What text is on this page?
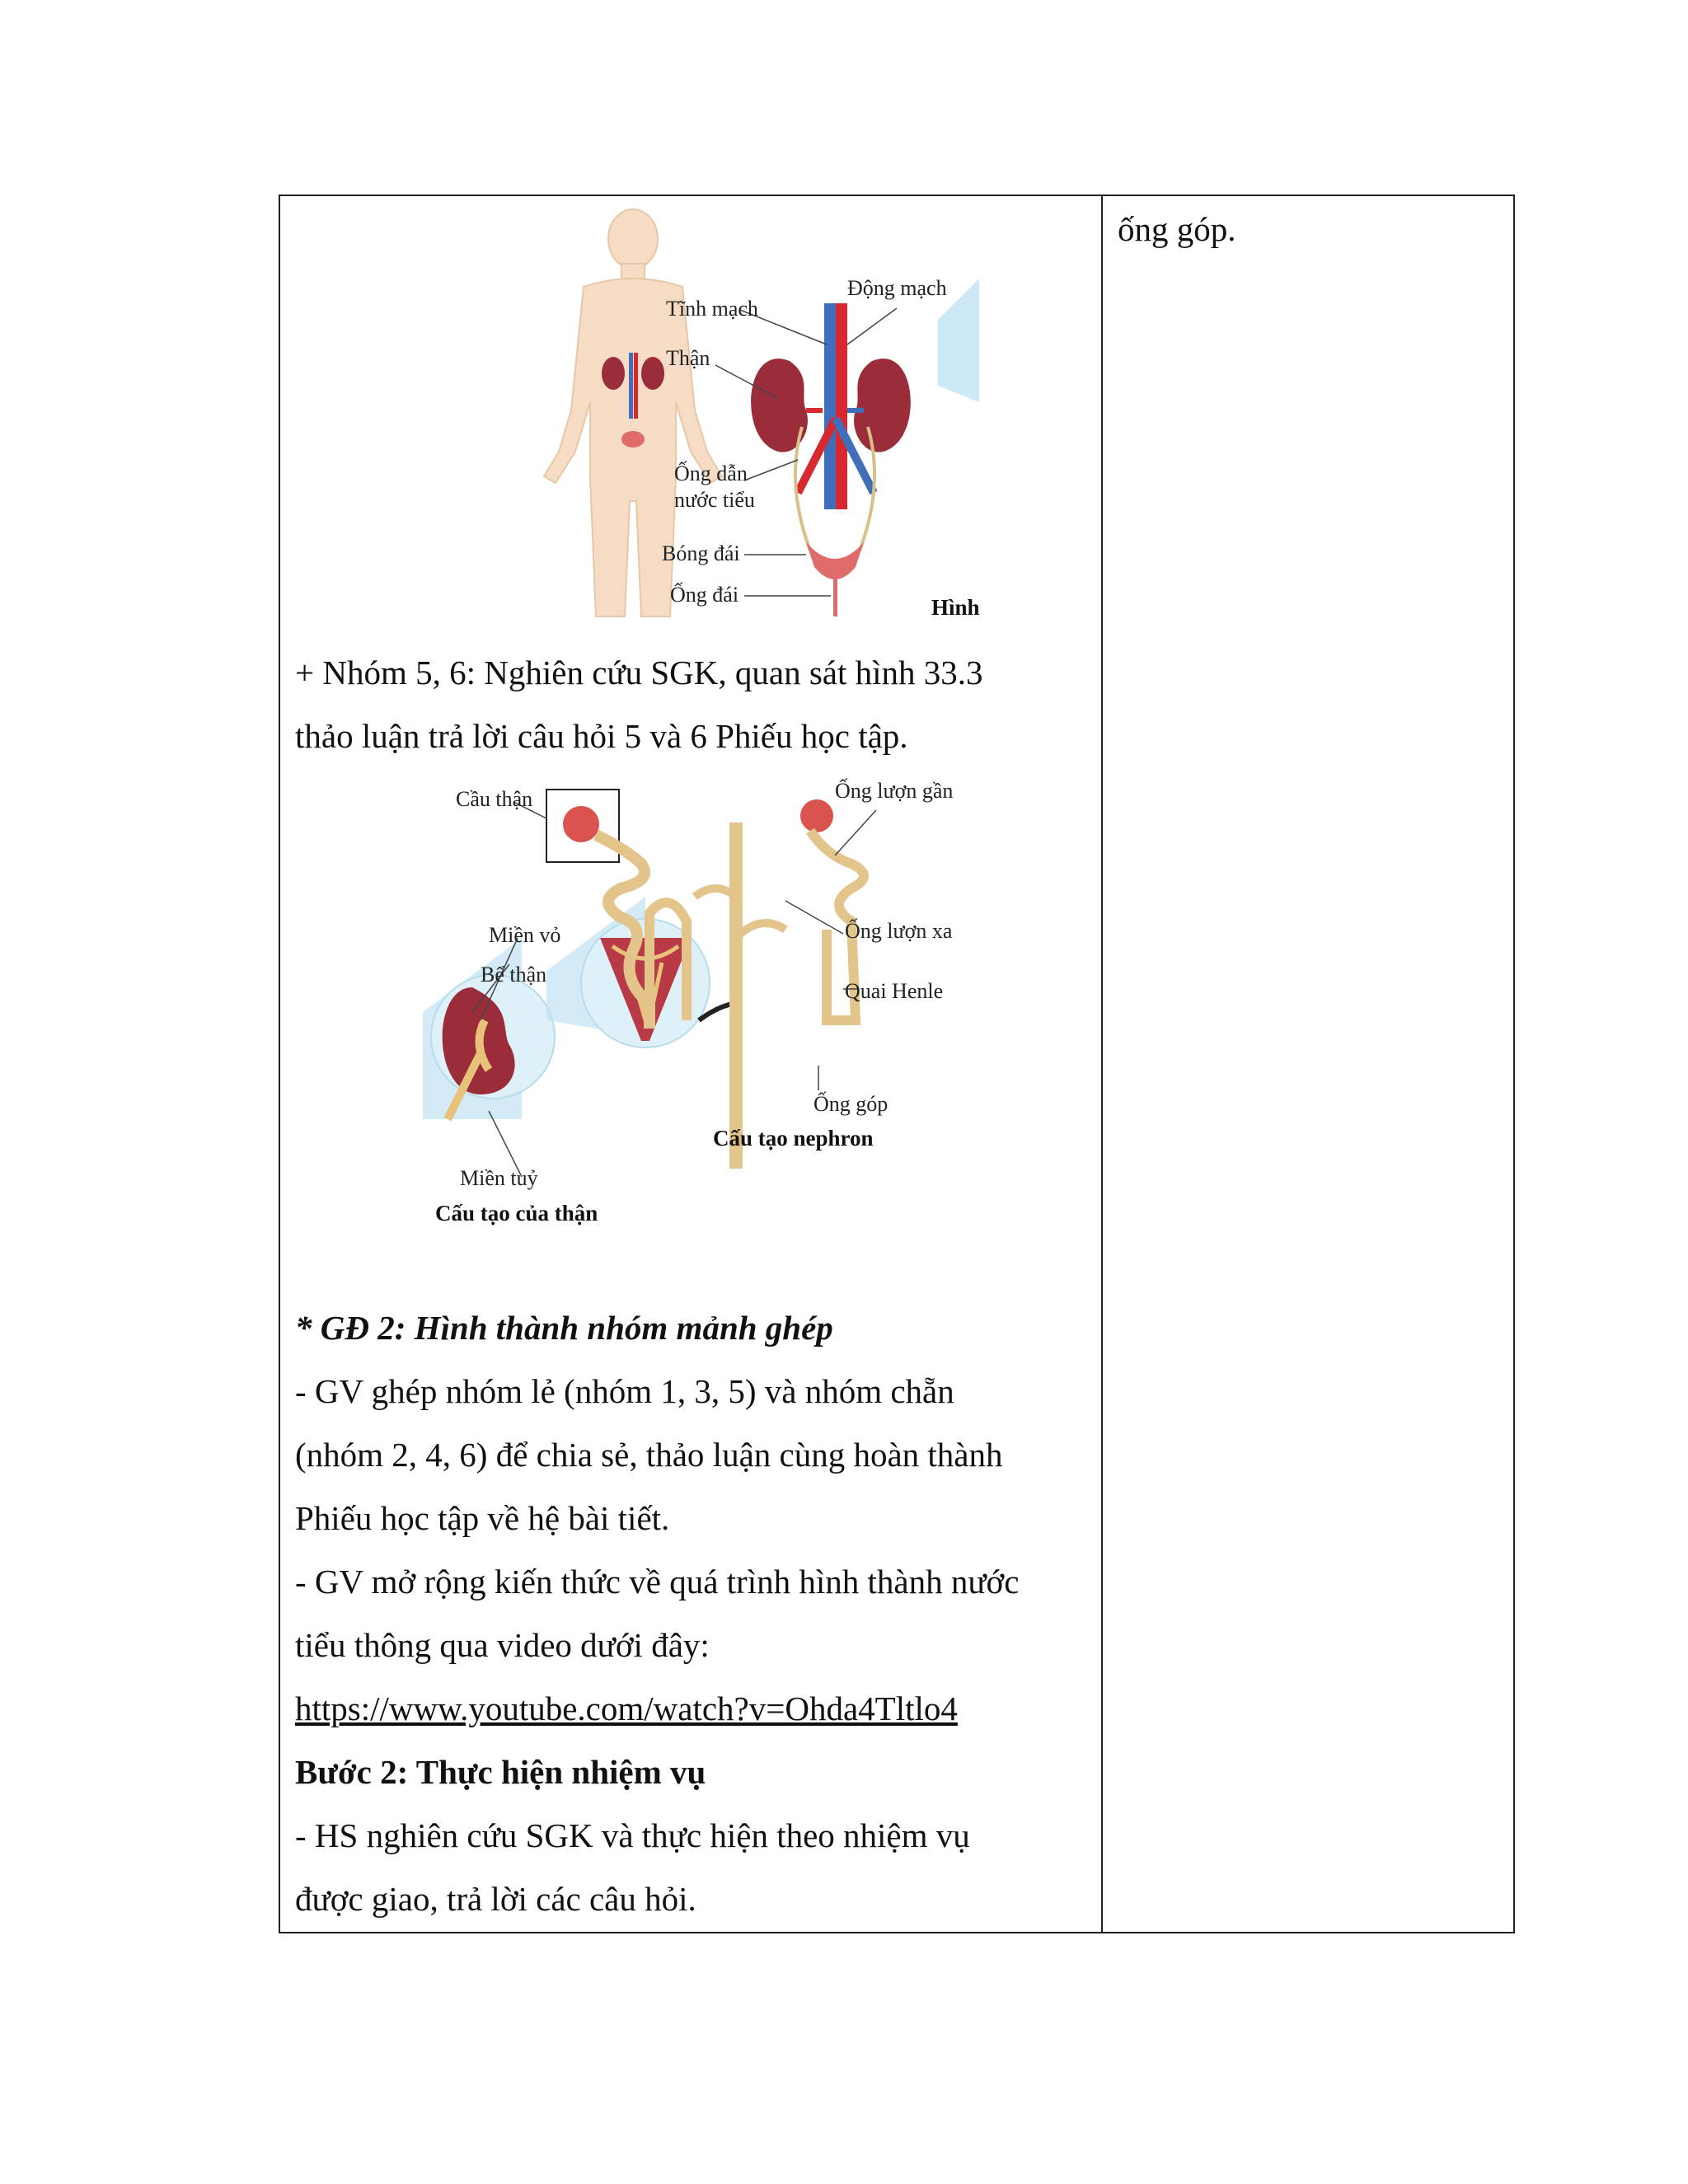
Tĩnh mạch
Động mạch
Thận
Ống dẫn
nước tiểu
Bóng đái
Ống đái
Hình

+ Nhóm 5, 6: Nghiên cứu SGK, quan sát hình 33.3

thảo luận trả lời câu hỏi 5 và 6 Phiếu học tập.

Cầu thận	Ống lượn gần
Miền vỏ
Bể thận
Ống lượn xa
Quai Henle
Ống góp
Miền tuỷ
Cấu tạo của thận
Cấu tạo nephron

* GĐ 2: Hình thành nhóm mảnh ghép

- GV ghép nhóm lẻ (nhóm 1, 3, 5) và nhóm chẵn

(nhóm 2, 4, 6) để chia sẻ, thảo luận cùng hoàn thành

Phiếu học tập về hệ bài tiết.

- GV mở rộng kiến thức về quá trình hình thành nước

tiểu thông qua video dưới đây:

https://www.youtube.com/watch?v=Ohda4Tltlo4

Bước 2: Thực hiện nhiệm vụ

- HS nghiên cứu SGK và thực hiện theo nhiệm vụ

được giao, trả lời các câu hỏi.

ống góp.
